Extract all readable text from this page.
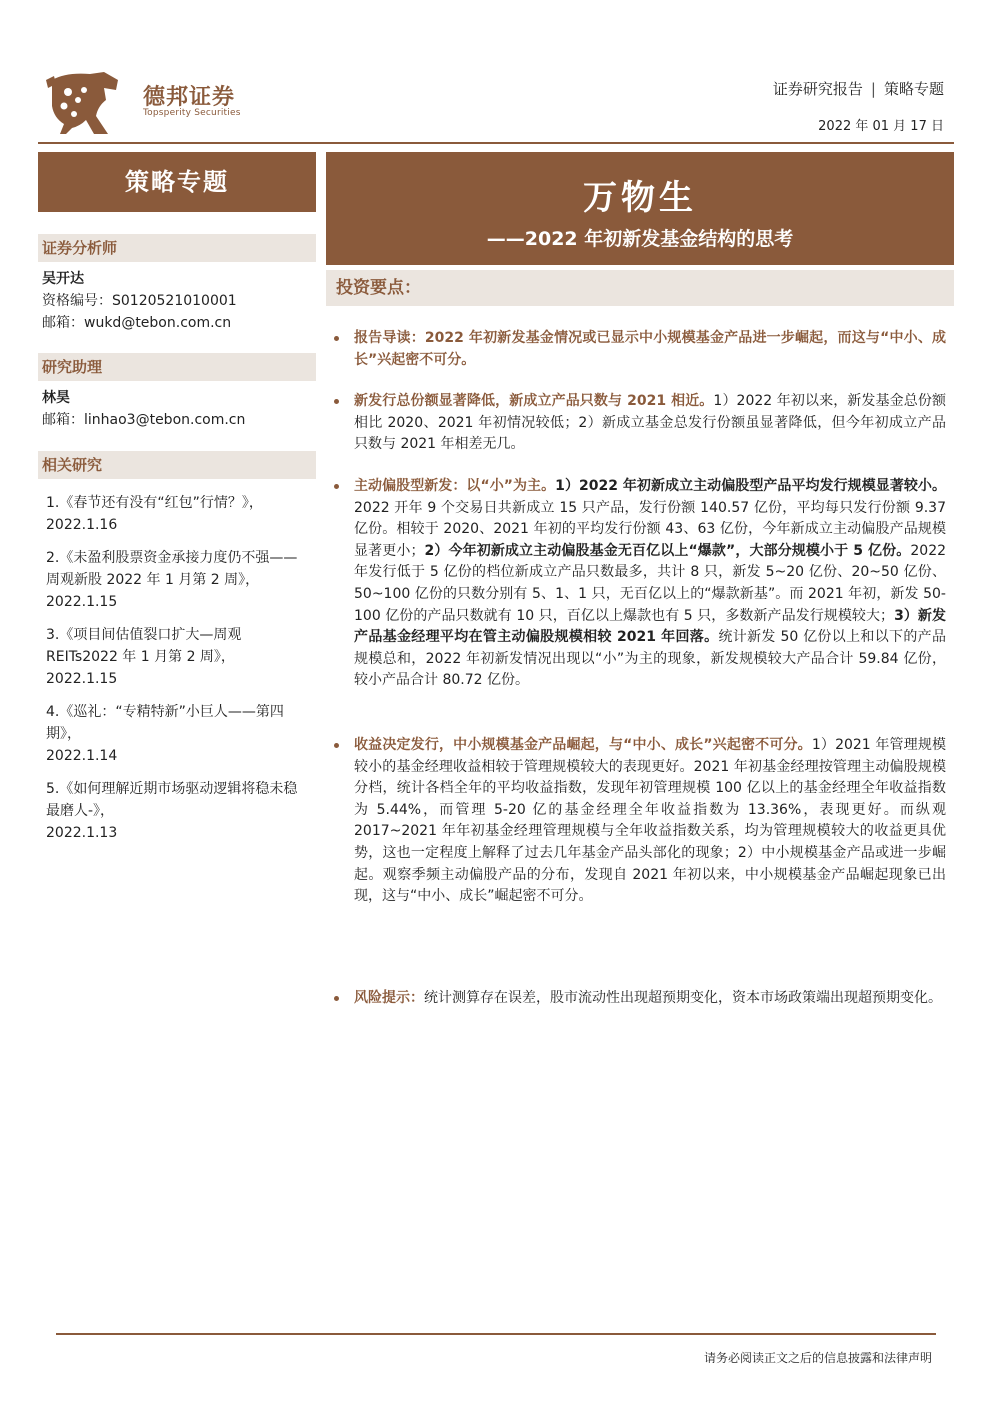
德邦证券
Topsperity Securities
证券研究报告 | 策略专题
2022 年 01 月 17 日
策略专题
证券分析师
吴开达
资格编号：S0120521010001
邮箱：wukd@tebon.com.cn
研究助理
林昊
邮箱：linhao3@tebon.com.cn
相关研究
1.《春节还有没有“红包”行情？》，
2022.1.16
2.《未盈利股票资金承接力度仍不强——周观新股 2022 年 1 月第 2 周》，
2022.1.15
3.《项目间估值裂口扩大—周观REITs2022 年 1 月第 2 周》，
2022.1.15
4.《巡礼：“专精特新”小巨人——第四期》，
2022.1.14
5.《如何理解近期市场驱动逻辑将稳未稳最磨人-》，
2022.1.13
万物生
——2022 年初新发基金结构的思考
投资要点：
报告导读：2022 年初新发基金情况或已显示中小规模基金产品进一步崛起，而这与“中小、成长”兴起密不可分。
新发行总份额显著降低，新成立产品只数与 2021 相近。1）2022 年初以来，新发基金总份额相比 2020、2021 年初情况较低；2）新成立基金总发行份额虽显著降低，但今年初成立产品只数与 2021 年相差无几。
主动偏股型新发：以“小”为主。1）2022 年初新成立主动偏股型产品平均发行规模显著较小。2022 开年 9 个交易日共新成立 15 只产品，发行份额 140.57 亿份，平均每只发行份额 9.37 亿份。相较于 2020、2021 年初的平均发行份额 43、63 亿份，今年新成立主动偏股产品规模显著更小；2）今年初新成立主动偏股基金无百亿以上“爆款”，大部分规模小于 5 亿份。2022 年发行低于 5 亿份的档位新成立产品只数最多，共计 8 只，新发 5~20 亿份、20~50 亿份、50~100 亿份的只数分别有 5、1、1 只，无百亿以上的“爆款新基”。而 2021 年初，新发 50-100 亿份的产品只数就有 10 只，百亿以上爆款也有 5 只，多数新产品发行规模较大；3）新发产品基金经理平均在管主动偏股规模相较 2021 年回落。统计新发 50 亿份以上和以下的产品规模总和，2022 年初新发情况出现以“小”为主的现象，新发规模较大产品合计 59.84 亿份，较小产品合计 80.72 亿份。
收益决定发行，中小规模基金产品崛起，与“中小、成长”兴起密不可分。1）2021 年管理规模较小的基金经理收益相较于管理规模较大的表现更好。2021 年初基金经理按管理主动偏股规模分档，统计各档全年的平均收益指数，发现年初管理规模 100 亿以上的基金经理全年收益指数为 5.44%，而管理 5-20 亿的基金经理全年收益指数为 13.36%，表现更好。而纵观 2017~2021 年年初基金经理管理规模与全年收益指数关系，均为管理规模较大的收益更具优势，这也一定程度上解释了过去几年基金产品头部化的现象；2）中小规模基金产品或进一步崛起。观察季频主动偏股产品的分布，发现自 2021 年初以来，中小规模基金产品崛起现象已出现，这与“中小、成长”崛起密不可分。
风险提示：统计测算存在误差，股市流动性出现超预期变化，资本市场政策端出现超预期变化。
请务必阅读正文之后的信息披露和法律声明
